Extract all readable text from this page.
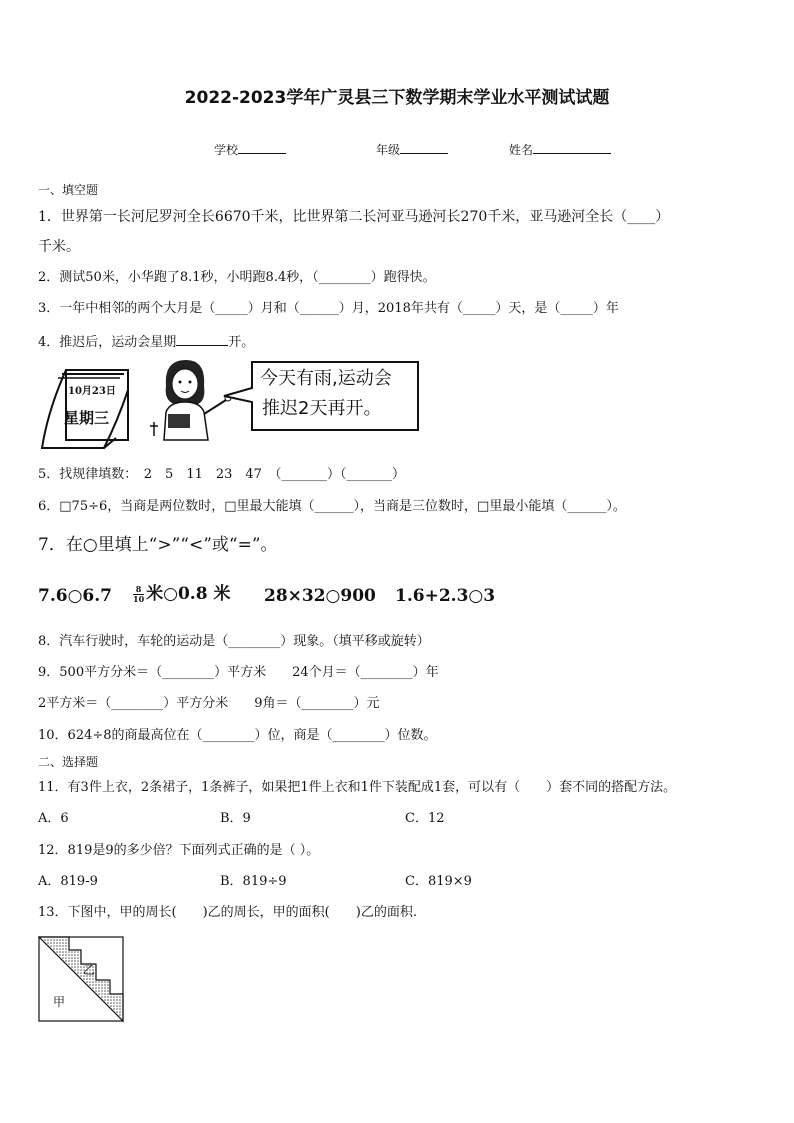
2022-2023学年广灵县三下数学期末学业水平测试试题
学校	年级	姓名
一、填空题
1．世界第一长河尼罗河全长6670千米，比世界第二长河亚马逊河长270千米，亚马逊河全长（____）
千米。
2．测试50米，小华跑了8.1秒，小明跑8.4秒，（________）跑得快。
3．一年中相邻的两个大月是（_____）月和（______）月，2018年共有（_____）天，是（_____）年
4．推迟后，运动会星期	开。
10月23日
星期三
今天有雨,运动会
推迟2天再开。
5．找规律填数：　2　5　11　23　47　（_______）（_______）
6．□75÷6，当商是两位数时，□里最大能填（______），当商是三位数时，□里最小能填（______）。
7．在○里填上“>”“<”或“=”。
7.6○6.7	$\frac{8}{10}$ 米○0.8 米 28×32○900 1.6+2.3○3
8．汽车行驶时，车轮的运动是（________）现象。（填平移或旋转）
9．500平方分米＝（________）平方米　　24个月＝（________）年
2平方米＝（________）平方分米　　9角＝（________）元
10．624÷8的商最高位在（________）位，商是（________）位数。
二、选择题
11．有3件上衣，2条裙子，1条裤子，如果把1件上衣和1件下装配成1套，可以有（　　）套不同的搭配方法。
A．6	B．9	C．12
12．819是9的多少倍？下面列式正确的是（ ）。
A．819-9	B．819÷9	C．819×9
13．下图中，甲的周长(　　)乙的周长，甲的面积(　　)乙的面积.
乙
甲
